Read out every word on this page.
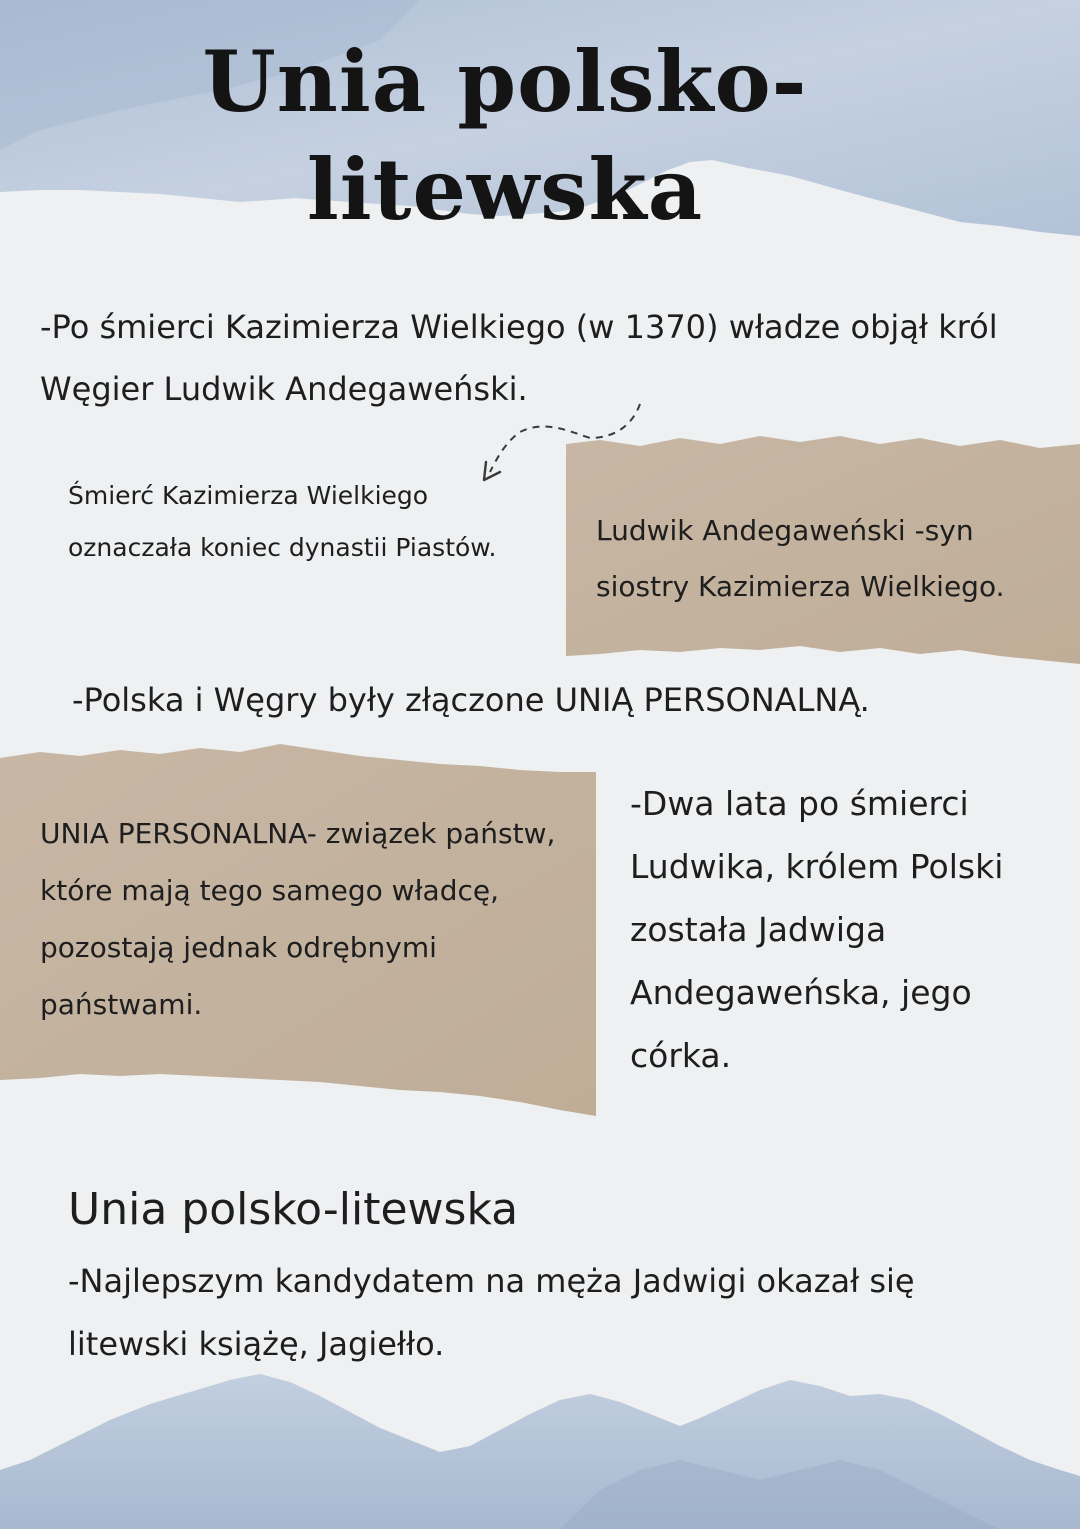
Unia polsko-
litewska

-Po śmierci Kazimierza Wielkiego (w 1370) władze objął król Węgier Ludwik Andegaweński.

Śmierć Kazimierza Wielkiego oznaczała koniec dynastii Piastów.

Ludwik Andegaweński -syn siostry Kazimierza Wielkiego.

-Polska i Węgry były złączone UNIĄ PERSONALNĄ.

UNIA PERSONALNA- związek państw, które mają tego samego władcę, pozostają jednak odrębnymi państwami.

-Dwa lata po śmierci Ludwika, królem Polski została Jadwiga Andegaweńska, jego córka.

Unia polsko-litewska

-Najlepszym kandydatem na męża Jadwigi okazał się litewski książę, Jagiełło.
